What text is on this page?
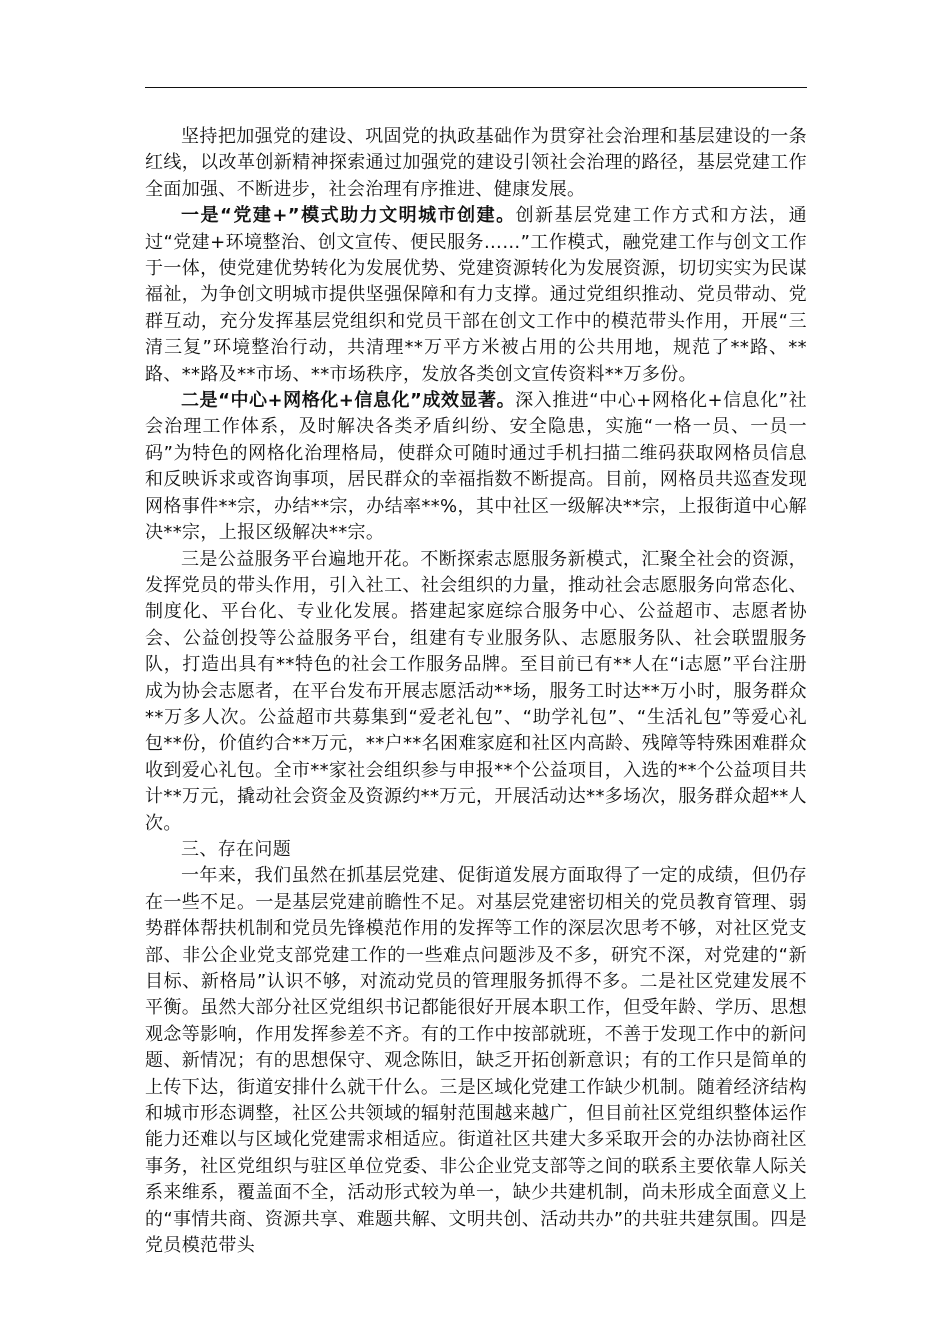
坚持把加强党的建设、巩固党的执政基础作为贯穿社会治理和基层建设的一条红线，以改革创新精神探索通过加强党的建设引领社会治理的路径，基层党建工作全面加强、不断进步，社会治理有序推进、健康发展。

一是“党建+”模式助力文明城市创建。创新基层党建工作方式和方法，通过“党建+环境整治、创文宣传、便民服务……”工作模式，融党建工作与创文工作于一体，使党建优势转化为发展优势、党建资源转化为发展资源，切切实实为民谋福祉，为争创文明城市提供坚强保障和有力支撑。通过党组织推动、党员带动、党群互动，充分发挥基层党组织和党员干部在创文工作中的模范带头作用，开展“三清三复”环境整治行动，共清理**万平方米被占用的公共用地，规范了**路、**路、**路及**市场、**市场秩序，发放各类创文宣传资料**万多份。

二是“中心+网格化+信息化”成效显著。深入推进“中心+网格化+信息化”社会治理工作体系，及时解决各类矛盾纠纷、安全隐患，实施“一格一员、一员一码”为特色的网格化治理格局，使群众可随时通过手机扫描二维码获取网格员信息和反映诉求或咨询事项，居民群众的幸福指数不断提高。目前，网格员共巡查发现网格事件**宗，办结**宗，办结率**%，其中社区一级解决**宗，上报街道中心解决**宗，上报区级解决**宗。

三是公益服务平台遍地开花。不断探索志愿服务新模式，汇聚全社会的资源，发挥党员的带头作用，引入社工、社会组织的力量，推动社会志愿服务向常态化、制度化、平台化、专业化发展。搭建起家庭综合服务中心、公益超市、志愿者协会、公益创投等公益服务平台，组建有专业服务队、志愿服务队、社会联盟服务队，打造出具有**特色的社会工作服务品牌。至目前已有**人在“i志愿”平台注册成为协会志愿者，在平台发布开展志愿活动**场，服务工时达**万小时，服务群众**万多人次。公益超市共募集到“爱老礼包”、“助学礼包”、“生活礼包”等爱心礼包**份，价值约合**万元，**户**名困难家庭和社区内高龄、残障等特殊困难群众收到爱心礼包。全市**家社会组织参与申报**个公益项目，入选的**个公益项目共计**万元，撬动社会资金及资源约**万元，开展活动达**多场次，服务群众超**人次。

三、存在问题

一年来，我们虽然在抓基层党建、促街道发展方面取得了一定的成绩，但仍存在一些不足。一是基层党建前瞻性不足。对基层党建密切相关的党员教育管理、弱势群体帮扶机制和党员先锋模范作用的发挥等工作的深层次思考不够，对社区党支部、非公企业党支部党建工作的一些难点问题涉及不多，研究不深，对党建的“新目标、新格局”认识不够，对流动党员的管理服务抓得不多。二是社区党建发展不平衡。虽然大部分社区党组织书记都能很好开展本职工作，但受年龄、学历、思想观念等影响，作用发挥参差不齐。有的工作中按部就班，不善于发现工作中的新问题、新情况；有的思想保守、观念陈旧，缺乏开拓创新意识；有的工作只是简单的上传下达，街道安排什么就干什么。三是区域化党建工作缺少机制。随着经济结构和城市形态调整，社区公共领域的辐射范围越来越广，但目前社区党组织整体运作能力还难以与区域化党建需求相适应。街道社区共建大多采取开会的办法协商社区事务，社区党组织与驻区单位党委、非公企业党支部等之间的联系主要依靠人际关系来维系，覆盖面不全，活动形式较为单一，缺少共建机制，尚未形成全面意义上的“事情共商、资源共享、难题共解、文明共创、活动共办”的共驻共建氛围。四是党员模范带头
